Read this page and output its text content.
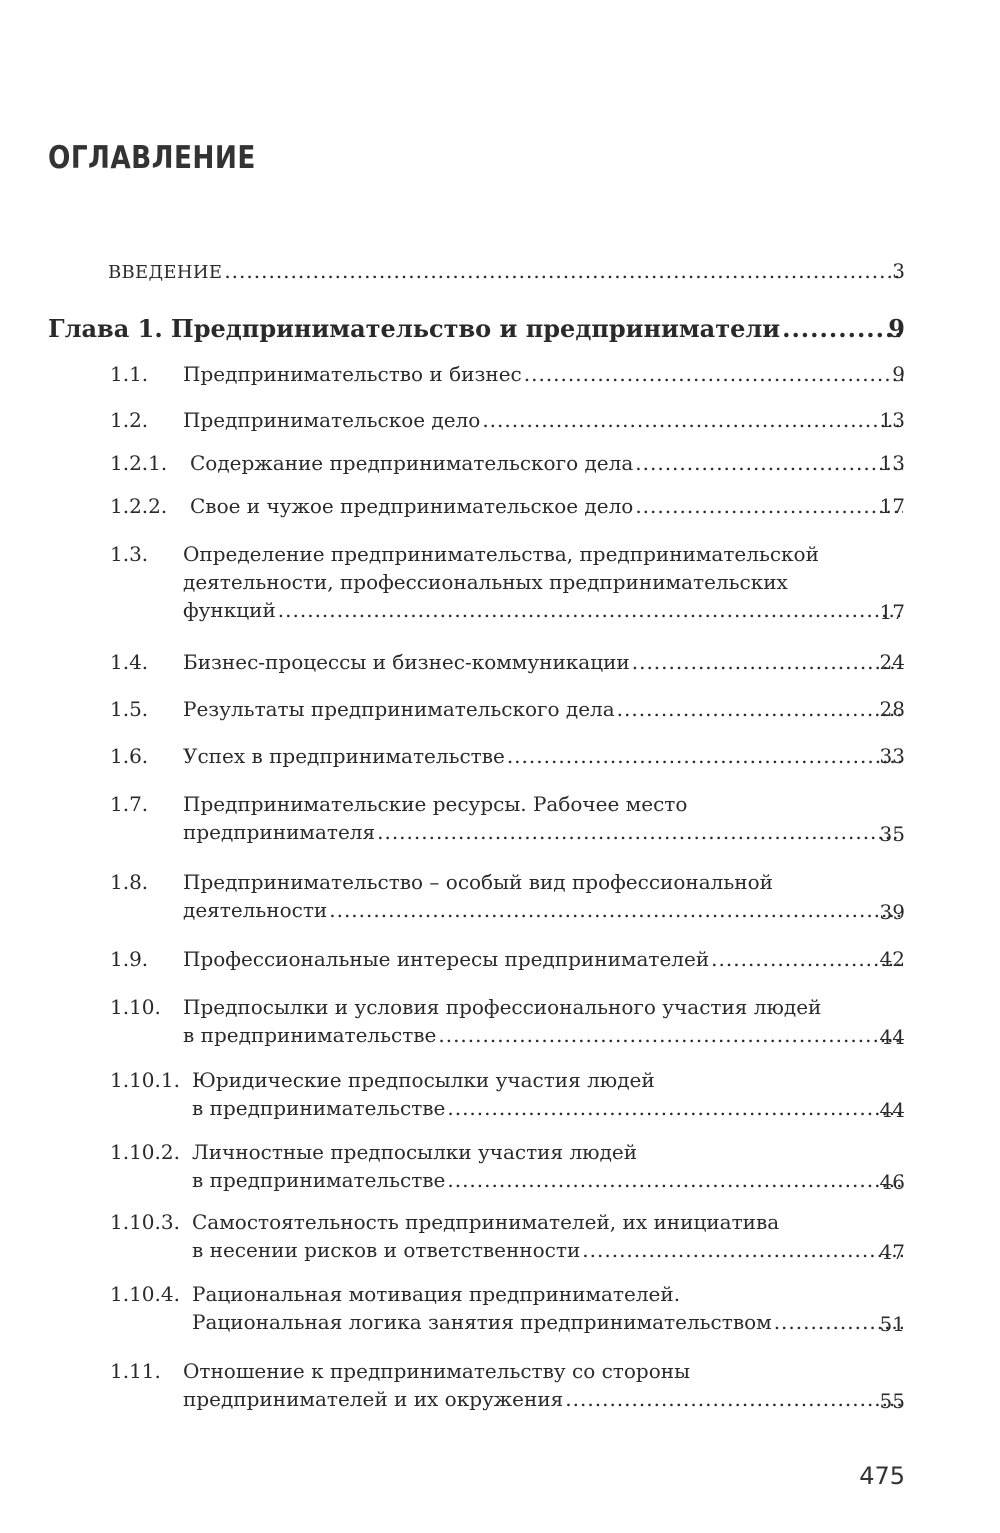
ОГЛАВЛЕНИЕ
ВВЕДЕНИЕ .....	3
Глава 1. Предпринимательство и предприниматели .....	9
1.1. Предпринимательство и бизнес .....	9
1.2. Предпринимательское дело .....	13
1.2.1. Содержание предпринимательского дела .....	13
1.2.2. Свое и чужое предпринимательское дело .....	17
1.3. Определение предпринимательства, предпринимательской
деятельности, профессиональных предпринимательских
функций .....	17
1.4. Бизнес-процессы и бизнес-коммуникации .....	24
1.5. Результаты предпринимательского дела .....	28
1.6. Успех в предпринимательстве .....	33
1.7. Предпринимательские ресурсы. Рабочее место
предпринимателя .....	35
1.8. Предпринимательство – особый вид профессиональной
деятельности .....	39
1.9. Профессиональные интересы предпринимателей .....	42
1.10. Предпосылки и условия профессионального участия людей
в предпринимательстве .....	44
1.10.1. Юридические предпосылки участия людей
в предпринимательстве .....	44
1.10.2. Личностные предпосылки участия людей
в предпринимательстве .....	46
1.10.3. Самостоятельность предпринимателей, их инициатива
в несении рисков и ответственности .....	47
1.10.4. Рациональная мотивация предпринимателей.
Рациональная логика занятия предпринимательством .....	51
1.11. Отношение к предпринимательству со стороны
предпринимателей и их окружения .....	55
475
